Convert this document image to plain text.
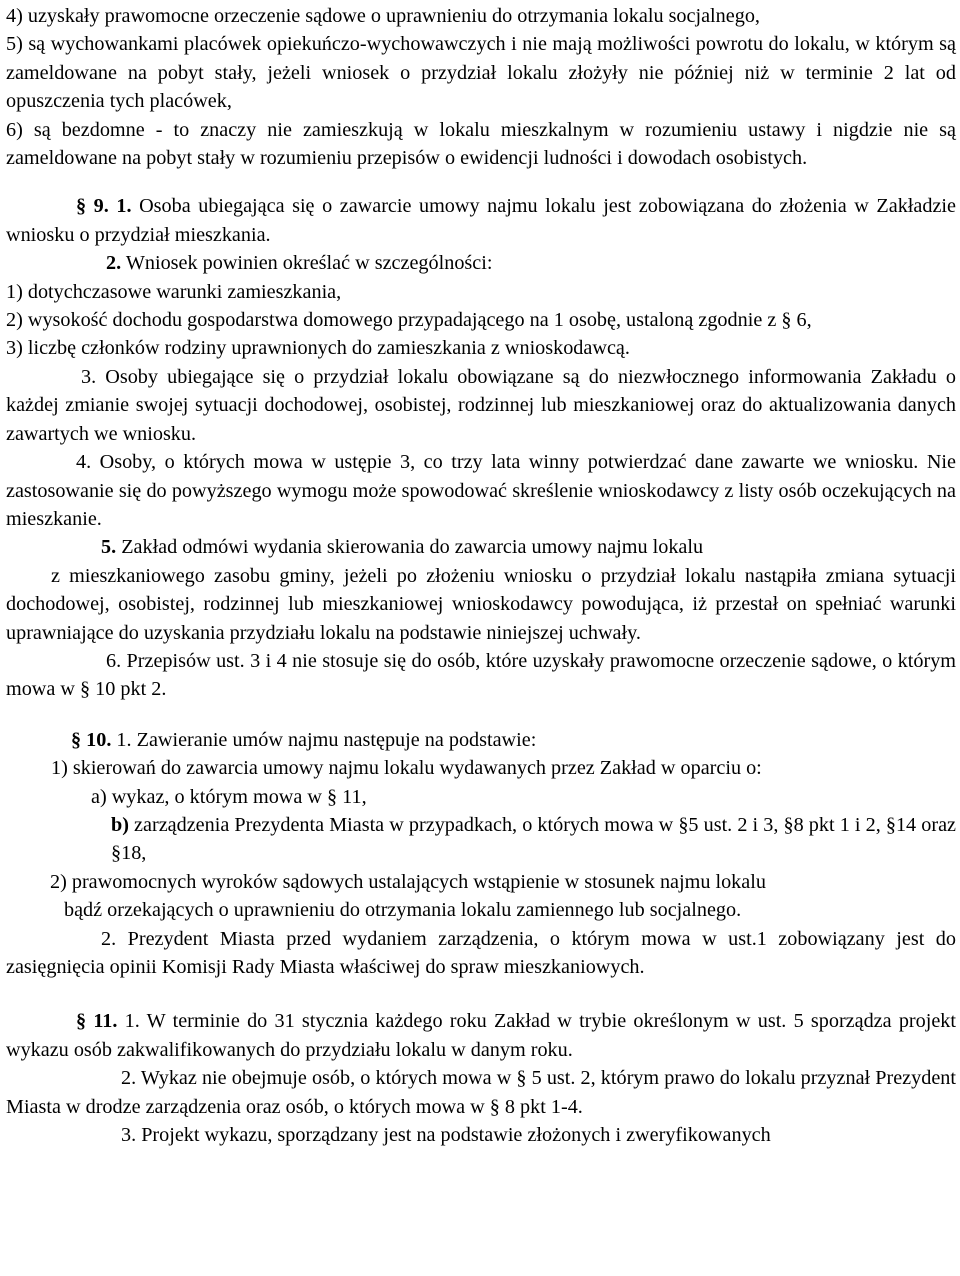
4) uzyskały prawomocne orzeczenie sądowe o uprawnieniu do otrzymania lokalu socjalnego,

5) są wychowankami placówek opiekuńczo-wychowawczych i nie mają możliwości powrotu do lokalu, w którym są zameldowane na pobyt stały, jeżeli wniosek o przydział lokalu złożyły nie później niż w terminie 2 lat od opuszczenia tych placówek,

6) są bezdomne - to znaczy nie zamieszkują w lokalu mieszkalnym w rozumieniu ustawy i nigdzie nie są zameldowane na pobyt stały w rozumieniu przepisów o ewidencji ludności i dowodach osobistych.

§ 9. 1. Osoba ubiegająca się o zawarcie umowy najmu lokalu jest zobowiązana do złożenia w Zakładzie wniosku o przydział mieszkania.

2. Wniosek powinien określać w szczególności:

1) dotychczasowe warunki zamieszkania,

2) wysokość dochodu gospodarstwa domowego przypadającego na 1 osobę, ustaloną zgodnie z § 6,

3) liczbę członków rodziny uprawnionych do zamieszkania z wnioskodawcą.

3. Osoby ubiegające się o przydział lokalu obowiązane są do niezwłocznego informowania Zakładu o każdej zmianie swojej sytuacji dochodowej, osobistej, rodzinnej lub mieszkaniowej oraz do aktualizowania danych zawartych we wniosku.

4. Osoby, o których mowa w ustępie 3, co trzy lata winny potwierdzać dane zawarte we wniosku. Nie zastosowanie się do powyższego wymogu może spowodować skreślenie wnioskodawcy z listy osób oczekujących na mieszkanie.

5. Zakład odmówi wydania skierowania do zawarcia umowy najmu lokalu

z mieszkaniowego zasobu gminy, jeżeli po złożeniu wniosku o przydział lokalu nastąpiła zmiana sytuacji dochodowej, osobistej, rodzinnej lub mieszkaniowej wnioskodawcy powodująca, iż przestał on spełniać warunki uprawniające do uzyskania przydziału lokalu na podstawie niniejszej uchwały.

6. Przepisów ust. 3 i 4 nie stosuje się do osób, które uzyskały prawomocne orzeczenie sądowe, o którym mowa w § 10 pkt 2.

§ 10. 1. Zawieranie umów najmu następuje na podstawie:

1) skierowań do zawarcia umowy najmu lokalu wydawanych przez Zakład w oparciu o:

a) wykaz, o którym mowa w § 11,

b) zarządzenia Prezydenta Miasta w przypadkach, o których mowa w §5 ust. 2 i 3, §8 pkt 1 i 2, §14 oraz §18,

2) prawomocnych wyroków sądowych ustalających wstąpienie w stosunek najmu lokalu

bądź orzekających o uprawnieniu do otrzymania lokalu zamiennego lub socjalnego.

2. Prezydent Miasta przed wydaniem zarządzenia, o którym mowa w ust.1 zobowiązany jest do zasięgnięcia opinii Komisji Rady Miasta właściwej do spraw mieszkaniowych.

§ 11. 1. W terminie do 31 stycznia każdego roku Zakład w trybie określonym w ust. 5 sporządza projekt wykazu osób zakwalifikowanych do przydziału lokalu w danym roku.

2. Wykaz nie obejmuje osób, o których mowa w § 5 ust. 2, którym prawo do lokalu przyznał Prezydent Miasta w drodze zarządzenia oraz osób, o których mowa w § 8 pkt 1-4.

3. Projekt wykazu, sporządzany jest na podstawie złożonych i zweryfikowanych
